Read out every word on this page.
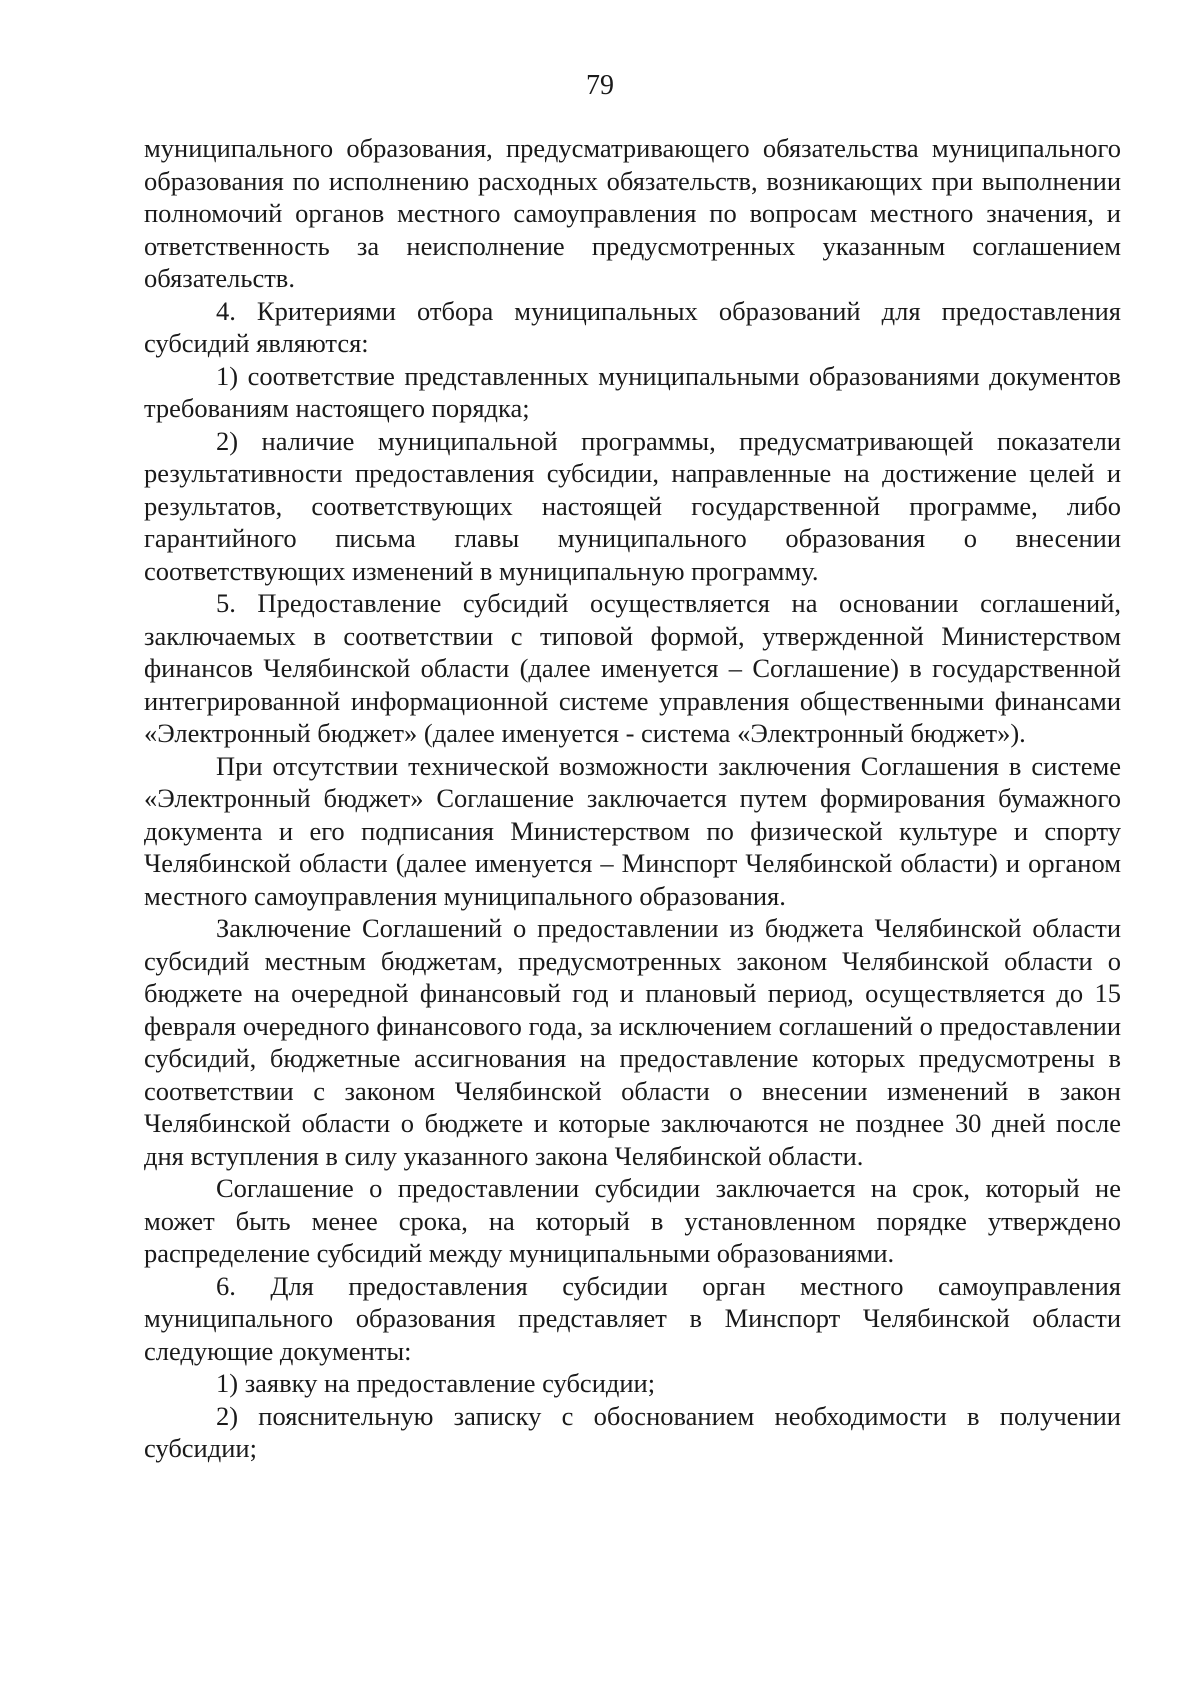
79

муниципального образования, предусматривающего обязательства муниципального образования по исполнению расходных обязательств, возникающих при выполнении полномочий органов местного самоуправления по вопросам местного значения, и ответственность за неисполнение предусмотренных указанным соглашением обязательств.

4. Критериями отбора муниципальных образований для предоставления субсидий являются:

1) соответствие представленных муниципальными образованиями документов требованиям настоящего порядка;

2) наличие муниципальной программы, предусматривающей показатели результативности предоставления субсидии, направленные на достижение целей и результатов, соответствующих настоящей государственной программе, либо гарантийного письма главы муниципального образования о внесении соответствующих изменений в муниципальную программу.

5. Предоставление субсидий осуществляется на основании соглашений, заключаемых в соответствии с типовой формой, утвержденной Министерством финансов Челябинской области (далее именуется – Соглашение) в государственной интегрированной информационной системе управления общественными финансами «Электронный бюджет» (далее именуется - система «Электронный бюджет»).

При отсутствии технической возможности заключения Соглашения в системе «Электронный бюджет» Соглашение заключается путем формирования бумажного документа и его подписания Министерством по физической культуре и спорту Челябинской области (далее именуется – Минспорт Челябинской области) и органом местного самоуправления муниципального образования.

Заключение Соглашений о предоставлении из бюджета Челябинской области субсидий местным бюджетам, предусмотренных законом Челябинской области о бюджете на очередной финансовый год и плановый период, осуществляется до 15 февраля очередного финансового года, за исключением соглашений о предоставлении субсидий, бюджетные ассигнования на предоставление которых предусмотрены в соответствии с законом Челябинской области о внесении изменений в закон Челябинской области о бюджете и которые заключаются не позднее 30 дней после дня вступления в силу указанного закона Челябинской области.

Соглашение о предоставлении субсидии заключается на срок, который не может быть менее срока, на который в установленном порядке утверждено распределение субсидий между муниципальными образованиями.

6. Для предоставления субсидии орган местного самоуправления муниципального образования представляет в Минспорт Челябинской области следующие документы:

1) заявку на предоставление субсидии;

2) пояснительную записку с обоснованием необходимости в получении субсидии;
